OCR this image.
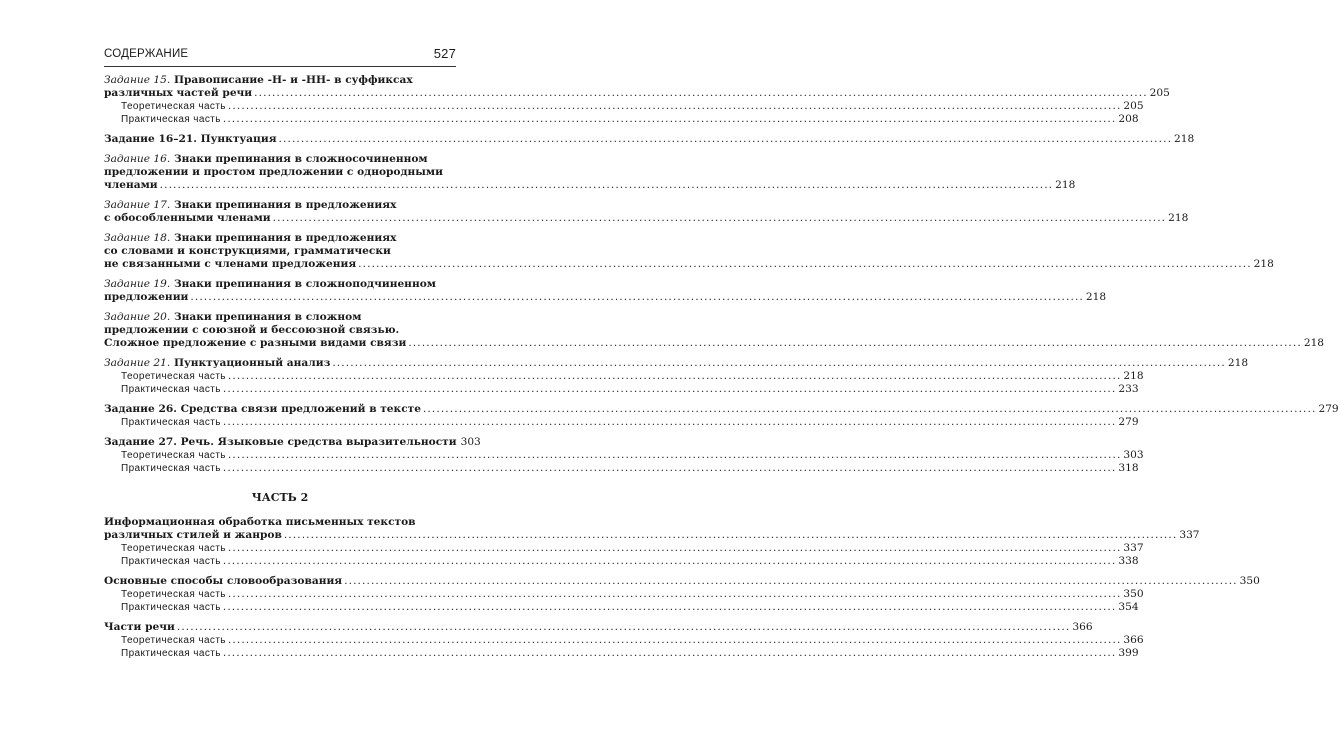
СОДЕРЖАНИЕ	527
Задание 15. Правописание -Н- и -НН- в суффиксах
различных частей речи ........................................................................................................................................................................................................ 205
Теоретическая часть ........................................................................................................................................................................................................ 205
Практическая часть ........................................................................................................................................................................................................ 208
Задание 16–21. Пунктуация ........................................................................................................................................................................................................ 218
Задание 16. Знаки препинания в сложносочиненном
предложении и простом предложении с однородными
членами ........................................................................................................................................................................................................ 218
Задание 17. Знаки препинания в предложениях
с обособленными членами ........................................................................................................................................................................................................ 218
Задание 18. Знаки препинания в предложениях
со словами и конструкциями, грамматически
не связанными с членами предложения ........................................................................................................................................................................................................ 218
Задание 19. Знаки препинания в сложноподчиненном
предложении ........................................................................................................................................................................................................ 218
Задание 20. Знаки препинания в сложном
предложении с союзной и бессоюзной связью.
Сложное предложение с разными видами связи ........................................................................................................................................................................................................ 218
Задание 21. Пунктуационный анализ ........................................................................................................................................................................................................ 218
Теоретическая часть ........................................................................................................................................................................................................ 218
Практическая часть ........................................................................................................................................................................................................ 233
Задание 26. Средства связи предложений в тексте ........................................................................................................................................................................................................ 279
Практическая часть ........................................................................................................................................................................................................ 279
Задание 27. Речь. Языковые средства выразительности 303
Теоретическая часть ........................................................................................................................................................................................................ 303
Практическая часть ........................................................................................................................................................................................................ 318
ЧАСТЬ 2
Информационная обработка письменных текстов
различных стилей и жанров ........................................................................................................................................................................................................ 337
Теоретическая часть ........................................................................................................................................................................................................ 337
Практическая часть ........................................................................................................................................................................................................ 338
Основные способы словообразования ........................................................................................................................................................................................................ 350
Теоретическая часть ........................................................................................................................................................................................................ 350
Практическая часть ........................................................................................................................................................................................................ 354
Части речи ........................................................................................................................................................................................................ 366
Теоретическая часть ........................................................................................................................................................................................................ 366
Практическая часть ........................................................................................................................................................................................................ 399
